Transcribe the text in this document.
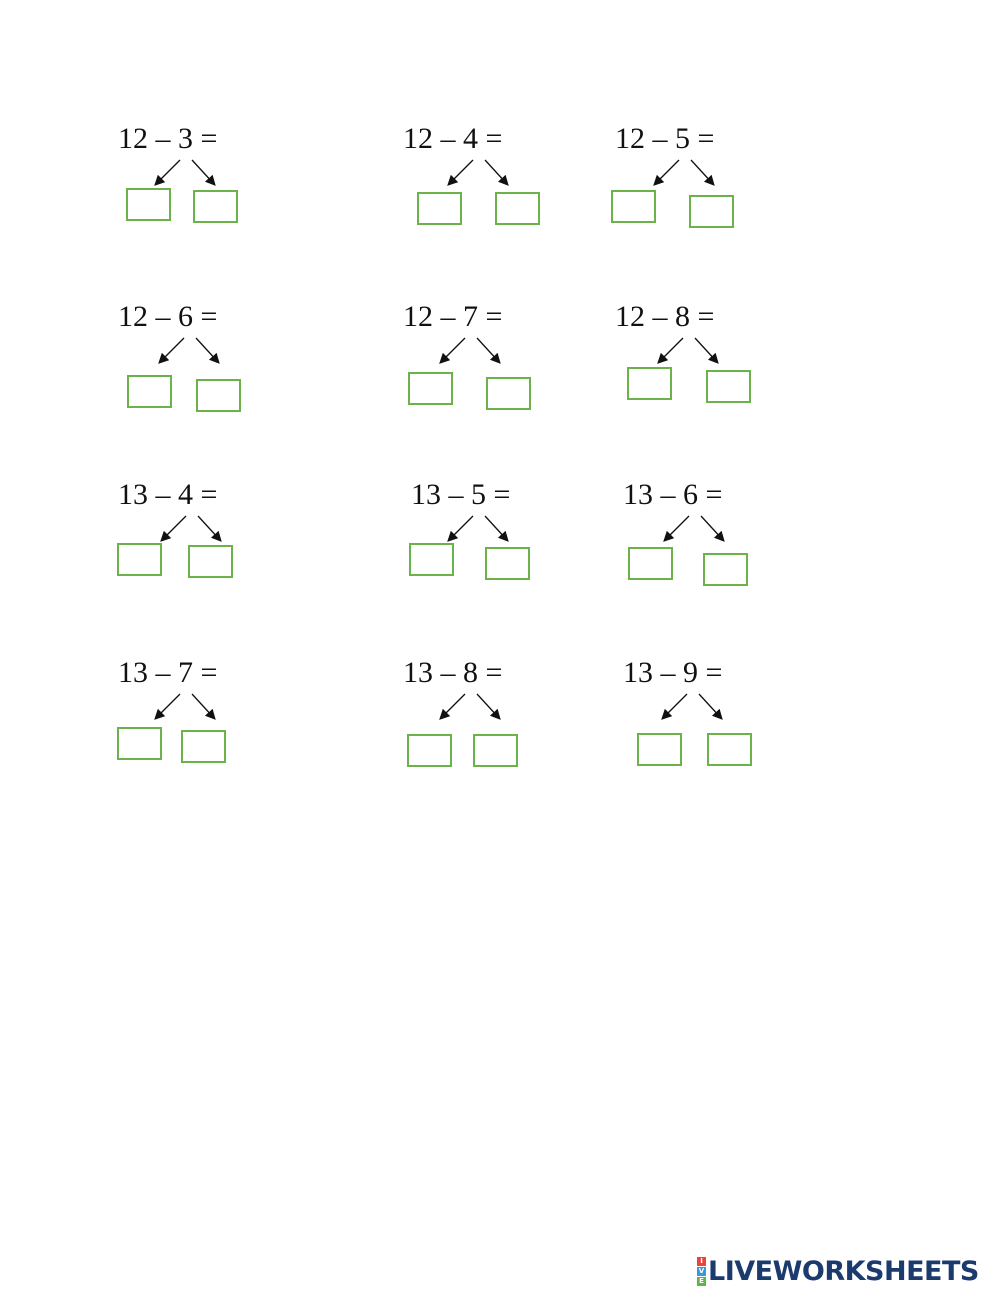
12 – 3 =	12 – 4 =	12 – 5 =
12 – 6 =	12 – 7 =	12 – 8 =
13 – 4 =	13 – 5 =	13 – 6 =
13 – 7 =	13 – 8 =	13 – 9 =
I
V
E LIVEWORKSHEETS
